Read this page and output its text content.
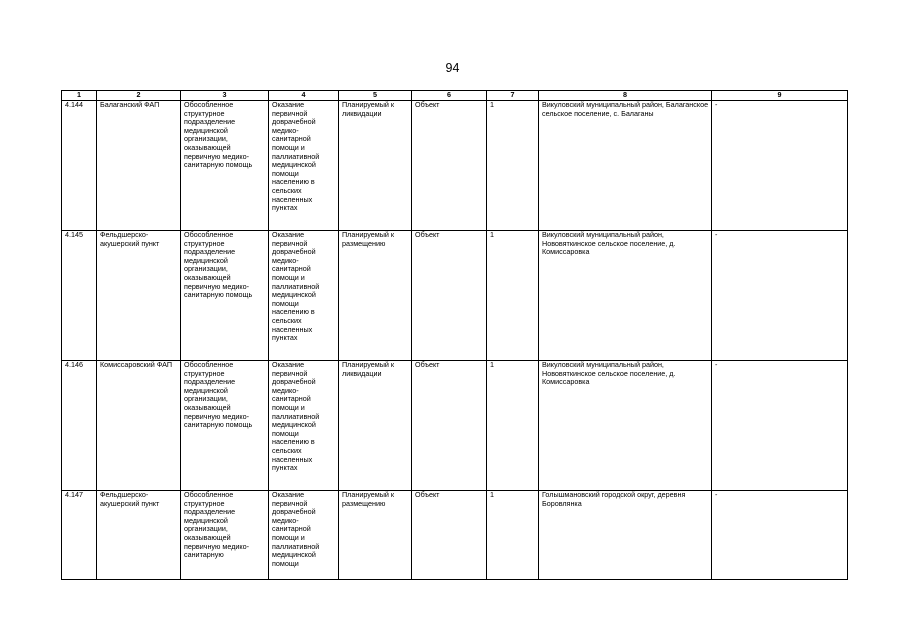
94
1	2	3	4	5	6	7	8	9
4.144	Балаганский ФАП	Обособленное структурное подразделение медицинской организации, оказывающей первичную медико-санитарную помощь	Оказание первичной доврачебной медико-санитарной помощи и паллиативной медицинской помощи населению в сельских населенных пунктах	Планируемый к ликвидации	Объект	1	Викуловский муниципальный район, Балаганское сельское поселение, с. Балаганы	-
4.145	Фельдшерско-акушерский пункт	Обособленное структурное подразделение медицинской организации, оказывающей первичную медико-санитарную помощь	Оказание первичной доврачебной медико-санитарной помощи и паллиативной медицинской помощи населению в сельских населенных пунктах	Планируемый к размещению	Объект	1	Викуловский муниципальный район, Нововяткинское сельское поселение, д. Комиссаровка	-
4.146	Комиссаровский ФАП	Обособленное структурное подразделение медицинской организации, оказывающей первичную медико-санитарную помощь	Оказание первичной доврачебной медико-санитарной помощи и паллиативной медицинской помощи населению в сельских населенных пунктах	Планируемый к ликвидации	Объект	1	Викуловский муниципальный район, Нововяткинское сельское поселение, д. Комиссаровка	-
4.147	Фельдшерско-акушерский пункт	Обособленное структурное подразделение медицинской организации, оказывающей первичную медико-санитарную	Оказание первичной доврачебной медико-санитарной помощи и паллиативной медицинской помощи	Планируемый к размещению	Объект	1	Голышмановский городской округ, деревня Боровлянка	-
